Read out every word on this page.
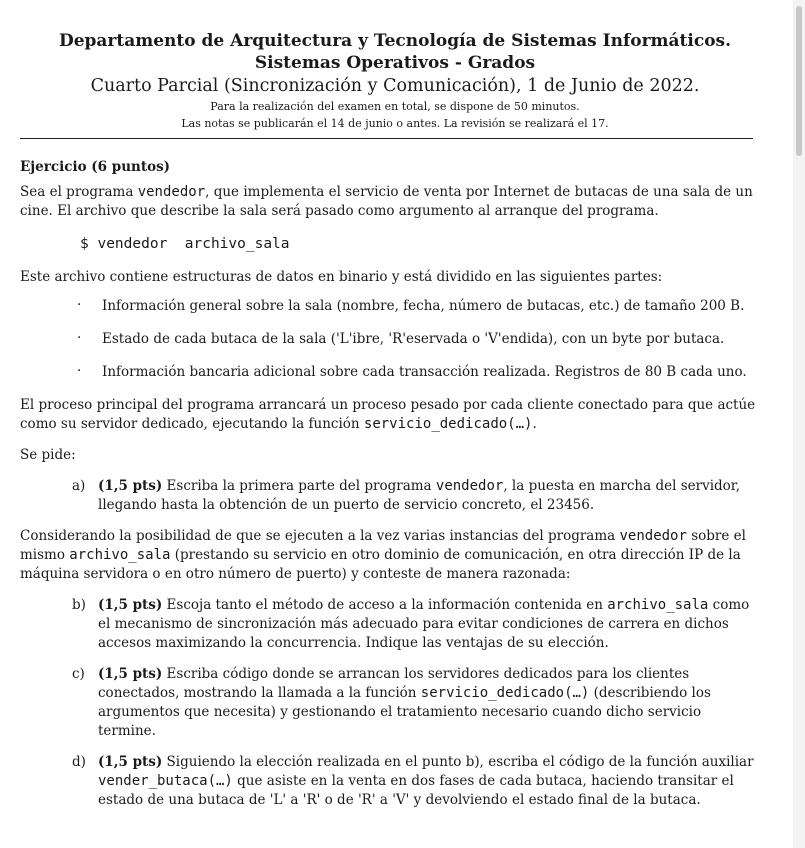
Departamento de Arquitectura y Tecnología de Sistemas Informáticos.
Sistemas Operativos - Grados
Cuarto Parcial (Sincronización y Comunicación), 1 de Junio de 2022.
Para la realización del examen en total, se dispone de 50 minutos.
Las notas se publicarán el 14 de junio o antes. La revisión se realizará el 17.

Ejercicio (6 puntos)

Sea el programa vendedor, que implementa el servicio de venta por Internet de butacas de una sala de un cine. El archivo que describe la sala será pasado como argumento al arranque del programa.

$ vendedor  archivo_sala

Este archivo contiene estructuras de datos en binario y está dividido en las siguientes partes:

· Información general sobre la sala (nombre, fecha, número de butacas, etc.) de tamaño 200 B.
· Estado de cada butaca de la sala ('L'ibre, 'R'eservada o 'V'endida), con un byte por butaca.
· Información bancaria adicional sobre cada transacción realizada. Registros de 80 B cada uno.

El proceso principal del programa arrancará un proceso pesado por cada cliente conectado para que actúe como su servidor dedicado, ejecutando la función servicio_dedicado(…).

Se pide:

a) (1,5 pts) Escriba la primera parte del programa vendedor, la puesta en marcha del servidor, llegando hasta la obtención de un puerto de servicio concreto, el 23456.

Considerando la posibilidad de que se ejecuten a la vez varias instancias del programa vendedor sobre el mismo archivo_sala (prestando su servicio en otro dominio de comunicación, en otra dirección IP de la máquina servidora o en otro número de puerto) y conteste de manera razonada:

b) (1,5 pts) Escoja tanto el método de acceso a la información contenida en archivo_sala como el mecanismo de sincronización más adecuado para evitar condiciones de carrera en dichos accesos maximizando la concurrencia. Indique las ventajas de su elección.
c) (1,5 pts) Escriba código donde se arrancan los servidores dedicados para los clientes conectados, mostrando la llamada a la función servicio_dedicado(…) (describiendo los argumentos que necesita) y gestionando el tratamiento necesario cuando dicho servicio termine.
d) (1,5 pts) Siguiendo la elección realizada en el punto b), escriba el código de la función auxiliar vender_butaca(…) que asiste en la venta en dos fases de cada butaca, haciendo transitar el estado de una butaca de 'L' a 'R' o de 'R' a 'V' y devolviendo el estado final de la butaca.
